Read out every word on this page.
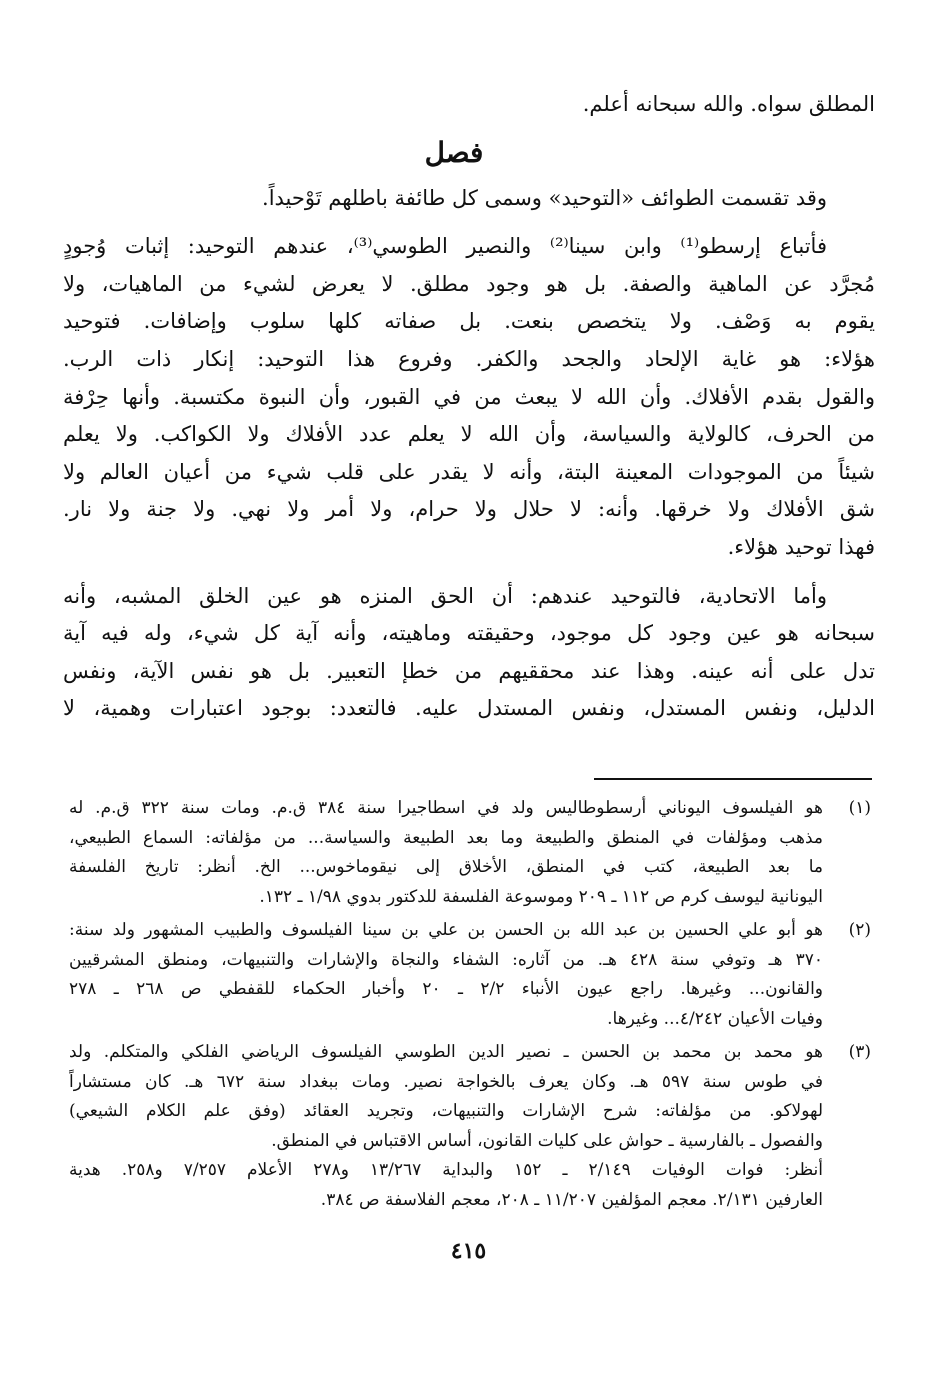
المطلق سواه. والله سبحانه أعلم.
فصل
وقد تقسمت الطوائف «التوحيد» وسمى كل طائفة باطلهم تَوْحيداً.
فأتباع إرسطو⁽¹⁾ وابن سينا⁽²⁾ والنصير الطوسي⁽³⁾، عندهم التوحيد: إثبات وُجودٍ
مُجرَّد عن الماهية والصفة. بل هو وجود مطلق. لا يعرض لشيء من الماهيات، ولا
يقوم به وَصْف. ولا يتخصص بنعت. بل صفاته كلها سلوب وإضافات. فتوحيد
هؤلاء: هو غاية الإلحاد والجحد والكفر. وفروع هذا التوحيد: إنكار ذات الرب.
والقول بقدم الأفلاك. وأن الله لا يبعث من في القبور، وأن النبوة مكتسبة. وأنها حِرْفة
من الحرف، كالولاية والسياسة، وأن الله لا يعلم عدد الأفلاك ولا الكواكب. ولا يعلم
شيئاً من الموجودات المعينة البتة، وأنه لا يقدر على قلب شيء من أعيان العالم ولا
شق الأفلاك ولا خرقها. وأنه: لا حلال ولا حرام، ولا أمر ولا نهي. ولا جنة ولا نار.
فهذا توحيد هؤلاء.
وأما الاتحادية، فالتوحيد عندهم: أن الحق المنزه هو عين الخلق المشبه، وأنه
سبحانه هو عين وجود كل موجود، وحقيقته وماهيته، وأنه آية كل شيء، وله فيه آية
تدل على أنه عينه. وهذا عند محققيهم من خطإ التعبير. بل هو نفس الآية، ونفس
الدليل، ونفس المستدل، ونفس المستدل عليه. فالتعدد: بوجود اعتبارات وهمية، لا
(١)
هو الفيلسوف اليوناني أرسطوطاليس ولد في اسطاجيرا سنة ٣٨٤ ق.م. ومات سنة ٣٢٢ ق.م. له
مذهب ومؤلفات في المنطق والطبيعة وما بعد الطبيعة والسياسة... من مؤلفاته: السماع الطبيعي،
ما بعد الطبيعة، كتب في المنطق، الأخلاق إلى نيقوماخوس... الخ. أنظر: تاريخ الفلسفة
اليونانية ليوسف كرم ص ١١٢ ـ ٢٠٩ وموسوعة الفلسفة للدكتور بدوي ١/٩٨ ـ ١٣٢.
(٢)
هو أبو علي الحسين بن عبد الله بن الحسن بن علي بن سينا الفيلسوف والطبيب المشهور ولد سنة:
٣٧٠ هـ وتوفي سنة ٤٢٨ هـ. من آثاره: الشفاء والنجاة والإشارات والتنبيهات، ومنطق المشرقيين
والقانون... وغيرها. راجع عيون الأنباء ٢/٢ ـ ٢٠ وأخبار الحكماء للقفطي ص ٢٦٨ ـ ٢٧٨
وفيات الأعيان ٤/٢٤٢... وغيرها.
(٣)
هو محمد بن محمد بن الحسن ـ نصير الدين الطوسي الفيلسوف الرياضي الفلكي والمتكلم. ولد
في طوس سنة ٥٩٧ هـ. وكان يعرف بالخواجة نصير. ومات ببغداد سنة ٦٧٢ هـ. كان مستشاراً
لهولاكو. من مؤلفاته: شرح الإشارات والتنبيهات، وتجريد العقائد (وفق علم الكلام الشيعي)
والفصول ـ بالفارسية ـ حواش على كليات القانون، أساس الاقتباس في المنطق.
أنظر: فوات الوفيات ٢/١٤٩ ـ ١٥٢ والبداية ١٣/٢٦٧ و٢٧٨ الأعلام ٧/٢٥٧ و٢٥٨. هدية
العارفين ٢/١٣١. معجم المؤلفين ١١/٢٠٧ ـ ٢٠٨، معجم الفلاسفة ص ٣٨٤.
٤١٥
